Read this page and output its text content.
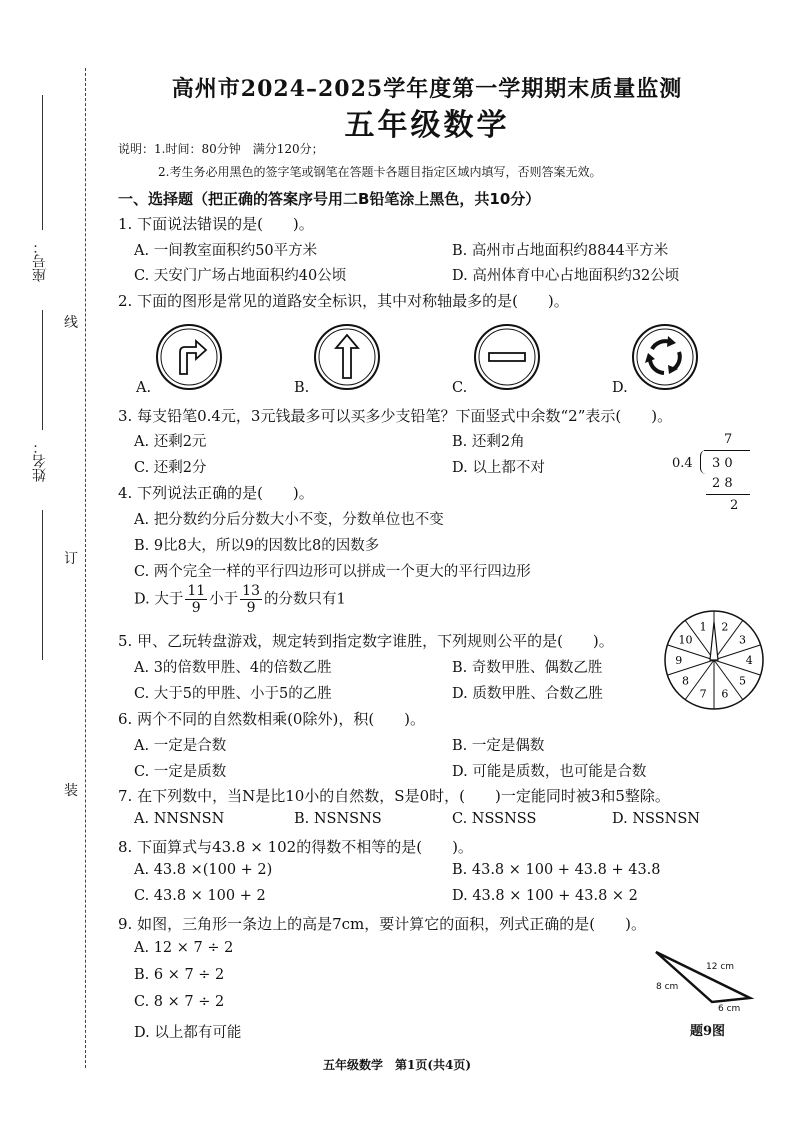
座号：
姓名：
线
订
装
高州市2024–2025学年度第一学期期末质量监测
五年级数学
说明：1.时间：80分钟　满分120分；
2.考生务必用黑色的签字笔或钢笔在答题卡各题目指定区域内填写，否则答案无效。
一、选择题（把正确的答案序号用二B铅笔涂上黑色，共10分）
1. 下面说法错误的是(　　)。
A. 一间教室面积约50平方米	B. 高州市占地面积约8844平方米
C. 天安门广场占地面积约40公顷	D. 高州体育中心占地面积约32公顷
2. 下面的图形是常见的道路安全标识，其中对称轴最多的是(　　)。
A.	B.	C.	D.
3. 每支铅笔0.4元，3元钱最多可以买多少支铅笔？下面竖式中余数“2”表示(　　)。
A. 还剩2元	B. 还剩2角
C. 还剩2分	D. 以上都不对
7
0.4 3 0
2 8
2
4. 下列说法正确的是(　　)。
A. 把分数约分后分数大小不变，分数单位也不变
B. 9比8大，所以9的因数比8的因数多
C. 两个完全一样的平行四边形可以拼成一个更大的平行四边形
D. 大于 $\frac{11}{9}$ 小于 $\frac{13}{9}$ 的分数只有1
5. 甲、乙玩转盘游戏，规定转到指定数字谁胜，下列规则公平的是(　　)。
A. 3的倍数甲胜、4的倍数乙胜	B. 奇数甲胜、偶数乙胜
C. 大于5的甲胜、小于5的乙胜	D. 质数甲胜、合数乙胜
1 2
3
4
5
6
7
8
9
10
6. 两个不同的自然数相乘(0除外)，积(　　)。
A. 一定是合数	B. 一定是偶数
C. 一定是质数	D. 可能是质数，也可能是合数
7. 在下列数中，当N是比10小的自然数，S是0时，(　　)一定能同时被3和5整除。
A. NNSNSN	B. NSNSNS	C. NSSNSS	D. NSSNSN
8. 下面算式与43.8 × 102的得数不相等的是(　　)。
A. 43.8 ×(100 + 2)	B. 43.8 × 100 + 43.8 + 43.8
C. 43.8 × 100 + 2	D. 43.8 × 100 + 43.8 × 2
9. 如图，三角形一条边上的高是7cm，要计算它的面积，列式正确的是(　　)。
A. 12 × 7 ÷ 2
B. 6 × 7 ÷ 2
C. 8 × 7 ÷ 2
D. 以上都有可能
12 cm
8 cm
6 cm
题9图
五年级数学　第1页(共4页)
